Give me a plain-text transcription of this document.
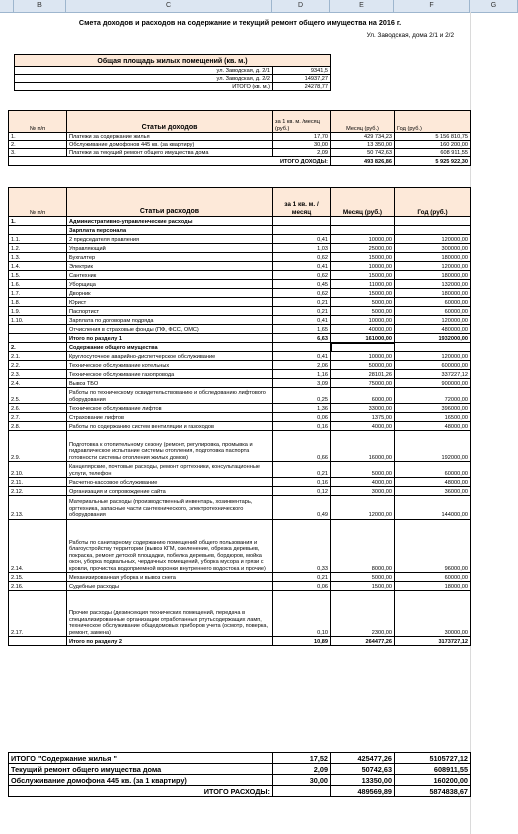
B	C	D	E	F	G
Смета доходов и расходов на содержание и текущий ремонт общего имущества на 2016 г.
Ул. Заводская, дома 2/1 и 2/2
Общая площадь жилых помещений (кв. м.)	
ул. Заводская, д. 2/1	9341,5
ул. Заводская, д. 2/2	14937,27
ИТОГО (кв. м.)	24278,77
№ п/п	Статьи доходов	за 1 кв. м. /месяц (руб.)	Месяц (руб.)	Год (руб.)
1.	Платежи за содержание жилья	17,70	429 734,23	5 156 810,75
2.	Обслуживание домофонов 445 кв. (за квартиру)	30,00	13 350,00	160 200,00
3.	Платежи за текущий ремонт общего имущества дома	2,09	50 742,63	608 911,55
ИТОГО ДОХОДЫ:			493 826,86	5 925 922,30
№ п/п	Статьи расходов	за 1 кв. м. /месяц	Месяц (руб.)	Год (руб.)
1.	Административно-управленческие расходы			
	Зарплата персонала			
1.1.	2 председателя правления	0,41	10000,00	120000,00
1.2.	Управляющий	1,03	25000,00	300000,00
1.3.	Бухгалтер	0,62	15000,00	180000,00
1.4.	Электрик	0,41	10000,00	120000,00
1.5.	Сантехник	0,62	15000,00	180000,00
1.6.	Уборщица	0,45	11000,00	132000,00
1.7.	Дворник	0,62	15000,00	180000,00
1.8.	Юрист	0,21	5000,00	60000,00
1.9.	Паспортист	0,21	5000,00	60000,00
1.10.	Зарплата по договорам подряда	0,41	10000,00	120000,00
	Отчисления в страховые фонды (ПФ, ФСС, ОМС)	1,65	40000,00	480000,00
	Итого по разделу 1	6,63	161000,00	1932000,00
2.	Содержание общего имущества			
2.1.	Круглосуточное аварийно-диспетчерское обслуживание	0,41	10000,00	120000,00
2.2.	Техническое обслуживание котельных	2,06	50000,00	600000,00
2.3.	Техническое обслуживание газопровода	1,16	28101,26	337227,12
2.4.	Вывоз ТБО	3,09	75000,00	900000,00
2.5.	Работы по техническому освидетельствованию и обследованию лифтового оборудования	0,25	6000,00	72000,00
2.6.	Техническое обслуживание лифтов	1,36	33000,00	396000,00
2.7.	Страхование лифтов	0,06	1375,00	16500,00
2.8.	Работы по содержанию систем вентиляции и газоходов	0,16	4000,00	48000,00
2.9.	Подготовка к отопительному сезону (ремонт, регулировка, промывка и гидравлическое испытание системы отопления, подготовка паспорта готовности системы отопления жилых домов)	0,66	16000,00	192000,00
2.10.	Канцелярские, почтовые расходы, ремонт оргтехники, консультационные услуги, телефон	0,21	5000,00	60000,00
2.11.	Расчетно-кассовое обслуживание	0,16	4000,00	48000,00
2.12.	Организация и сопровождение сайта	0,12	3000,00	36000,00
2.13.	Материальные расходы (производственный инвентарь, хозинвентарь, оргтехника, запасные части сантехнического, электротехнического оборудования	0,49	12000,00	144000,00
2.14.	Работы по санитарному содержанию помещений общего пользования и благоустройству территории (вывоз КГМ, озеленение, обрезка деревьев, покраска, ремонт детской площадки, побелка деревьев, бордюров, мойка окон, уборка подвальных, чердачных помещений, уборка мусора и грязи с кровли, прочистка водоприемной воронки внутреннего водостока и прочие)	0,33	8000,00	96000,00
2.15.	Механизированная уборка и вывоз снега	0,21	5000,00	60000,00
2.16.	Судебные расходы	0,06	1500,00	18000,00
2.17.	Прочие расходы (дезинсекция технических помещений, передача в специализированные организации отработанных ртутьсодержащих ламп, техническое обслуживание общедомовых приборов учета (осмотр, поверка, ремонт, замена)	0,10	2300,00	30000,00
	Итого по разделу 2	10,89	264477,26	3173727,12
ИТОГО "Содержание жилья "	17,52	425477,26	5105727,12
Текущий ремонт общего имущества дома	2,09	50742,63	608911,55
Обслуживание домофона 445 кв. (за 1 квартиру)	30,00	13350,00	160200,00
ИТОГО РАСХОДЫ:		489569,89	5874838,67
